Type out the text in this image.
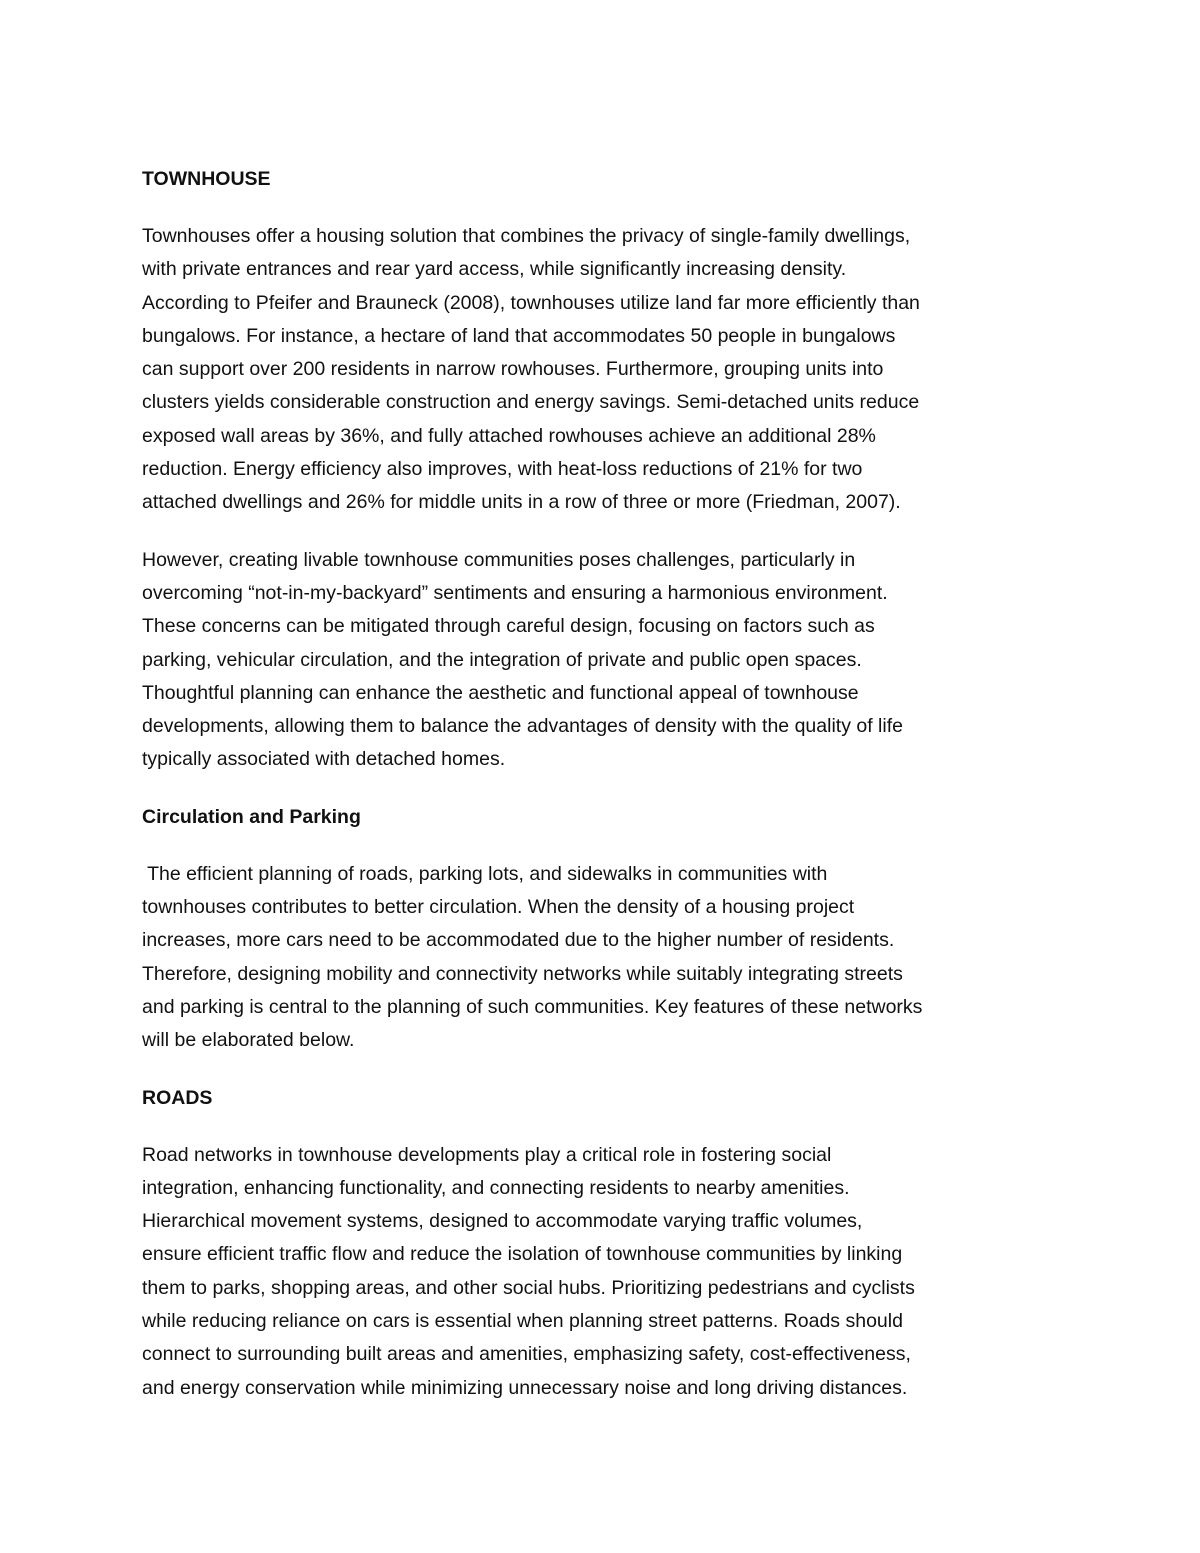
TOWNHOUSE

Townhouses offer a housing solution that combines the privacy of single-family dwellings,
with private entrances and rear yard access, while significantly increasing density.
According to Pfeifer and Brauneck (2008), townhouses utilize land far more efficiently than
bungalows. For instance, a hectare of land that accommodates 50 people in bungalows
can support over 200 residents in narrow rowhouses. Furthermore, grouping units into
clusters yields considerable construction and energy savings. Semi-detached units reduce
exposed wall areas by 36%, and fully attached rowhouses achieve an additional 28%
reduction. Energy efficiency also improves, with heat-loss reductions of 21% for two
attached dwellings and 26% for middle units in a row of three or more (Friedman, 2007).

However, creating livable townhouse communities poses challenges, particularly in
overcoming “not-in-my-backyard” sentiments and ensuring a harmonious environment.
These concerns can be mitigated through careful design, focusing on factors such as
parking, vehicular circulation, and the integration of private and public open spaces.
Thoughtful planning can enhance the aesthetic and functional appeal of townhouse
developments, allowing them to balance the advantages of density with the quality of life
typically associated with detached homes.

Circulation and Parking

The efficient planning of roads, parking lots, and sidewalks in communities with
townhouses contributes to better circulation. When the density of a housing project
increases, more cars need to be accommodated due to the higher number of residents.
Therefore, designing mobility and connectivity networks while suitably integrating streets
and parking is central to the planning of such communities. Key features of these networks
will be elaborated below.

ROADS

Road networks in townhouse developments play a critical role in fostering social
integration, enhancing functionality, and connecting residents to nearby amenities.
Hierarchical movement systems, designed to accommodate varying traffic volumes,
ensure efficient traffic flow and reduce the isolation of townhouse communities by linking
them to parks, shopping areas, and other social hubs. Prioritizing pedestrians and cyclists
while reducing reliance on cars is essential when planning street patterns. Roads should
connect to surrounding built areas and amenities, emphasizing safety, cost-effectiveness,
and energy conservation while minimizing unnecessary noise and long driving distances.
